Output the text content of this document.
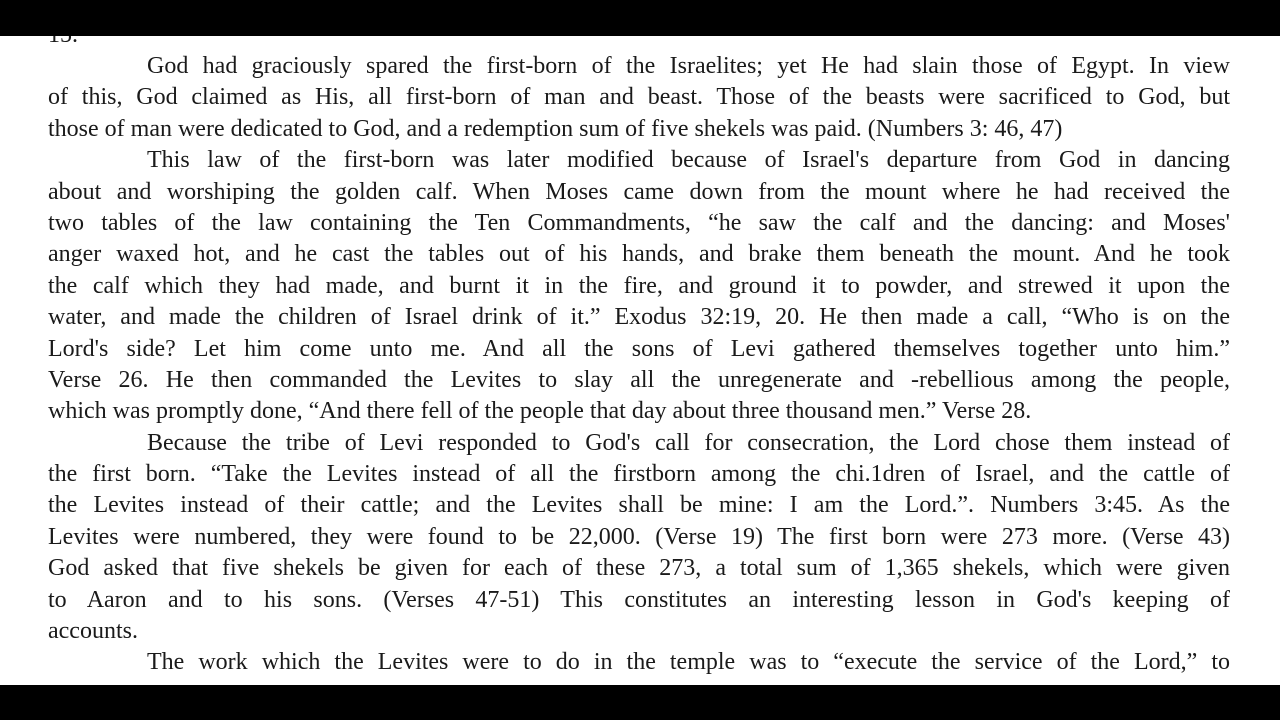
God had graciously spared the first-born of the Israelites; yet He had slain those of Egypt. In view
of this, God claimed as His, all first-born of man and beast. Those of the beasts were sacrificed to God, but
those of man were dedicated to God, and a redemption sum of five shekels was paid. (Numbers 3: 46, 47)
This law of the first-born was later modified because of Israel's departure from God in dancing
about and worshiping the golden calf. When Moses came down from the mount where he had received the
two tables of the law containing the Ten Commandments, “he saw the calf and the dancing: and Moses'
anger waxed hot, and he cast the tables out of his hands, and brake them beneath the mount. And he took
the calf which they had made, and burnt it in the fire, and ground it to powder, and strewed it upon the
water, and made the children of Israel drink of it.” Exodus 32:19, 20. He then made a call, “Who is on the
Lord's side? Let him come unto me. And all the sons of Levi gathered themselves together unto him.”
Verse 26. He then commanded the Levites to slay all the unregenerate and -rebellious among the people,
which was promptly done, “And there fell of the people that day about three thousand men.” Verse 28.
Because the tribe of Levi responded to God's call for consecration, the Lord chose them instead of
the first born. “Take the Levites instead of all the firstborn among the chi.1dren of Israel, and the cattle of
the Levites instead of their cattle; and the Levites shall be mine: I am the Lord.”. Numbers 3:45. As the
Levites were numbered, they were found to be 22,000. (Verse 19) The first born were 273 more. (Verse 43)
God asked that five shekels be given for each of these 273, a total sum of 1,365 shekels, which were given
to Aaron and to his sons. (Verses 47-51) This constitutes an interesting lesson in God's keeping of
accounts.
The work which the Levites were to do in the temple was to “execute the service of the Lord,” to
